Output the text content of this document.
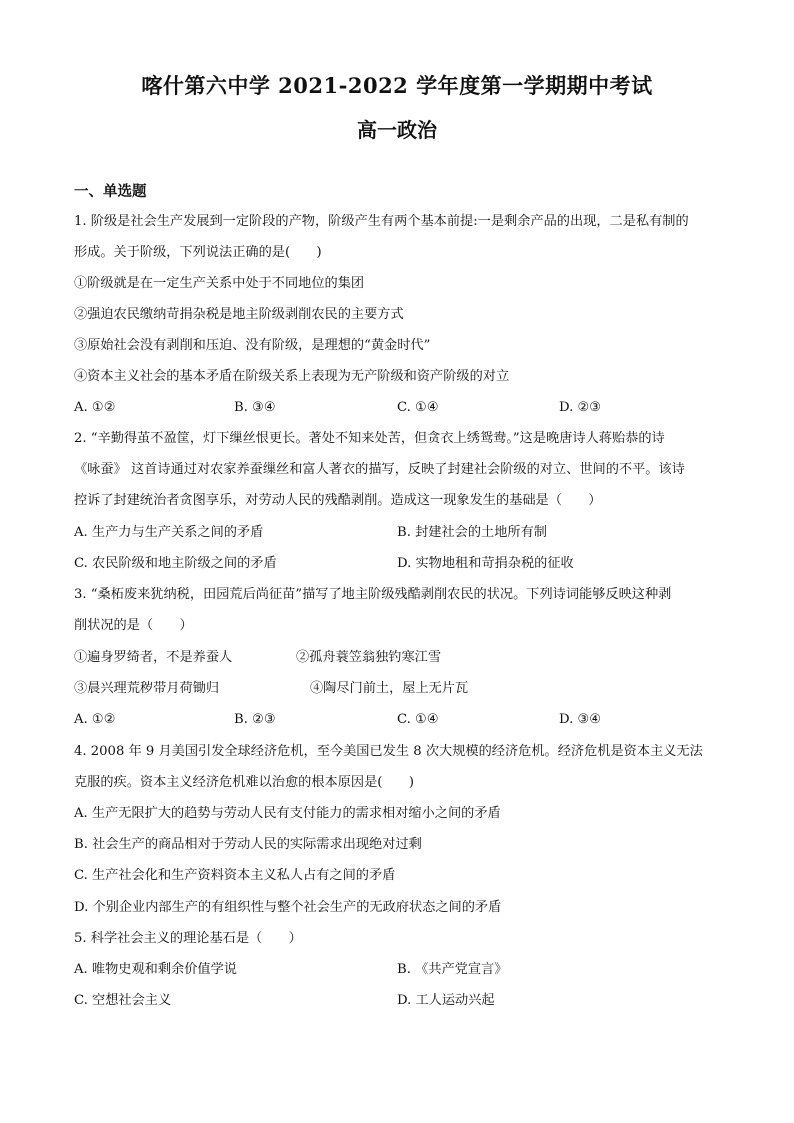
喀什第六中学 2021-2022 学年度第一学期期中考试
高一政治
一、单选题
1. 阶级是社会生产发展到一定阶段的产物，阶级产生有两个基本前提:一是剩余产品的出现，二是私有制的
形成。关于阶级，下列说法正确的是(　　)
①阶级就是在一定生产关系中处于不同地位的集团
②强迫农民缴纳苛捐杂税是地主阶级剥削农民的主要方式
③原始社会没有剥削和压迫、没有阶级，是理想的“黄金时代”
④资本主义社会的基本矛盾在阶级关系上表现为无产阶级和资产阶级的对立
A. ①②	B. ③④	C. ①④	D. ②③
2. “辛勤得茧不盈筐，灯下缫丝恨更长。著处不知来处苦，但贪衣上绣鸳鸯。”这是晚唐诗人蒋贻恭的诗
《咏蚕》 这首诗通过对农家养蚕缫丝和富人著衣的描写，反映了封建社会阶级的对立、世间的不平。该诗
控诉了封建统治者贪图享乐，对劳动人民的残酷剥削。造成这一现象发生的基础是（　　）
A. 生产力与生产关系之间的矛盾	B. 封建社会的土地所有制
C. 农民阶级和地主阶级之间的矛盾	D. 实物地租和苛捐杂税的征收
3. “桑柘废来犹纳税，田园荒后尚征苗”描写了地主阶级残酷剥削农民的状况。下列诗词能够反映这种剥
削状况的是（　　）
①遍身罗绮者，不是养蚕人	②孤舟蓑笠翁独钓寒江雪
③晨兴理荒秽带月荷锄归	④陶尽门前土，屋上无片瓦
A. ①②	B. ②③	C. ①④	D. ③④
4. 2008 年 9 月美国引发全球经济危机，至今美国已发生 8 次大规模的经济危机。经济危机是资本主义无法
克服的疾。资本主义经济危机难以治愈的根本原因是(　　)
A. 生产无限扩大的趋势与劳动人民有支付能力的需求相对缩小之间的矛盾
B. 社会生产的商品相对于劳动人民的实际需求出现绝对过剩
C. 生产社会化和生产资料资本主义私人占有之间的矛盾
D. 个别企业内部生产的有组织性与整个社会生产的无政府状态之间的矛盾
5. 科学社会主义的理论基石是（　　）
A. 唯物史观和剩余价值学说	B. 《共产党宣言》
C. 空想社会主义	D. 工人运动兴起
